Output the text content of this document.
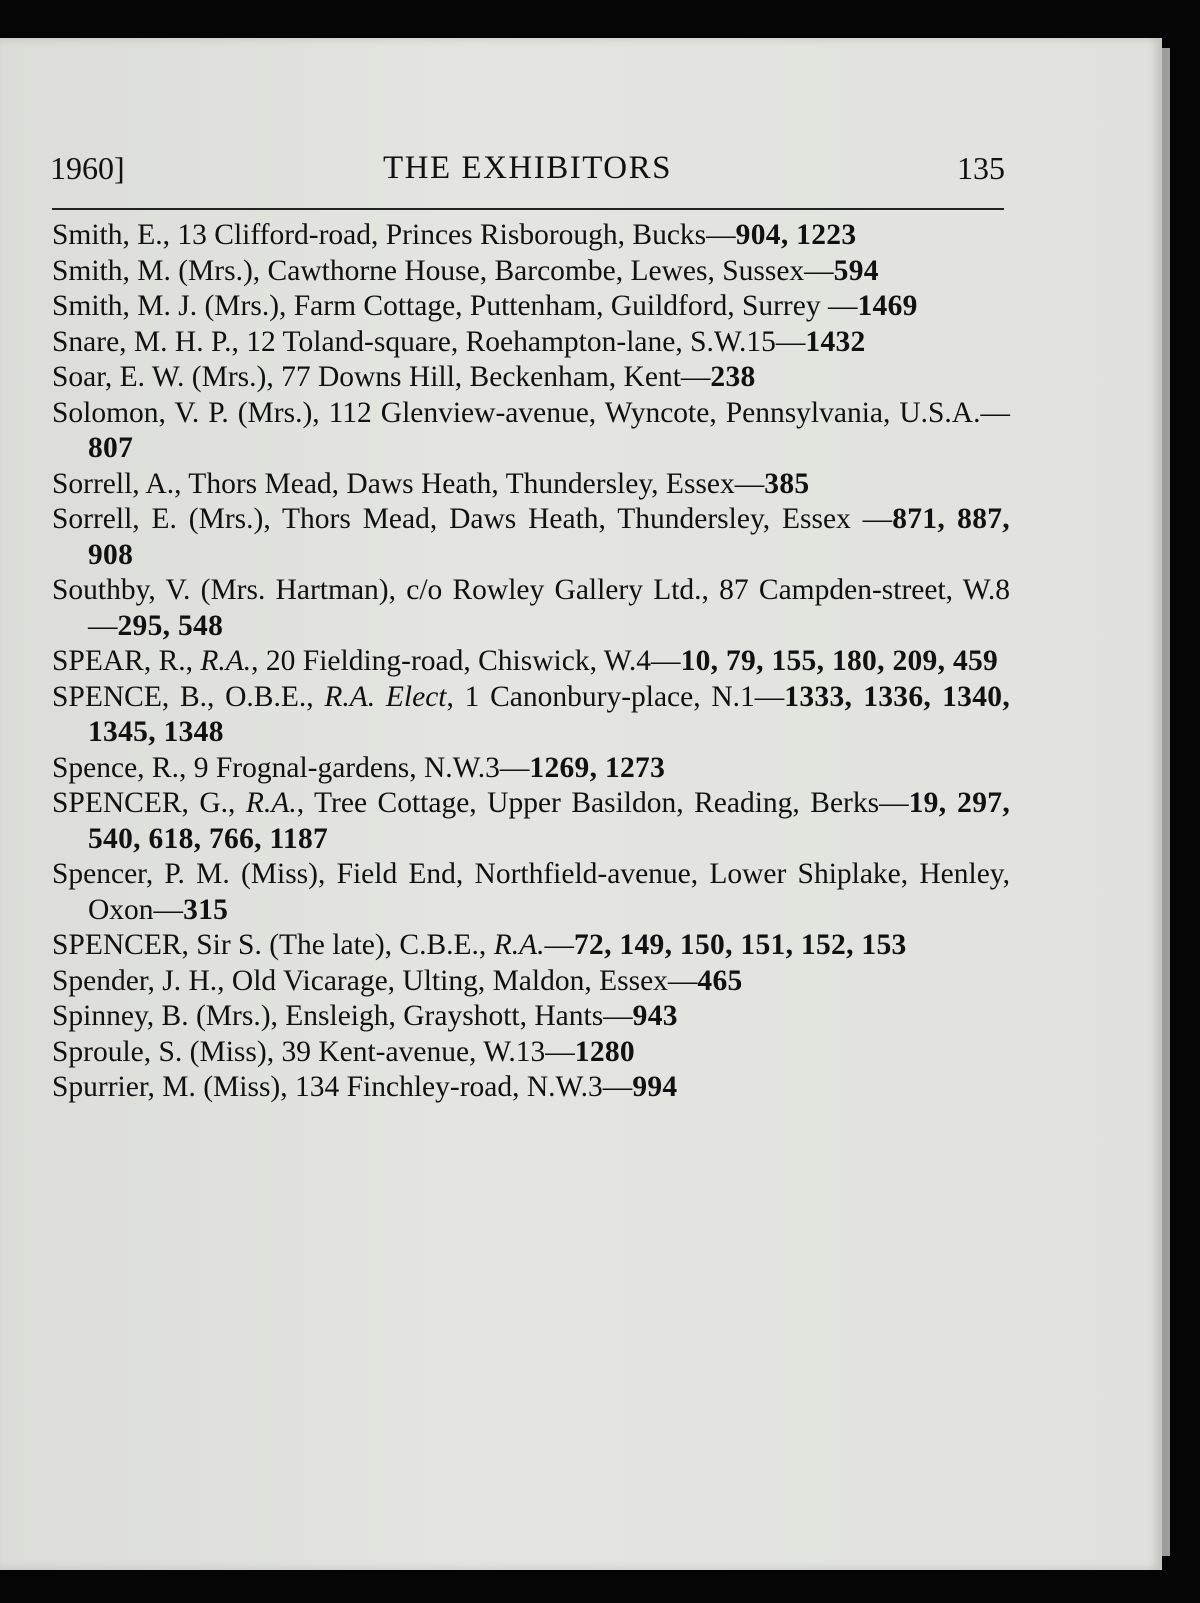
1960]	THE EXHIBITORS	135
Smith, E., 13 Clifford-road, Princes Risborough, Bucks—904, 1223
Smith, M. (Mrs.), Cawthorne House, Barcombe, Lewes, Sussex—594
Smith, M. J. (Mrs.), Farm Cottage, Puttenham, Guildford, Surrey —1469
Snare, M. H. P., 12 Toland-square, Roehampton-lane, S.W.15—1432
Soar, E. W. (Mrs.), 77 Downs Hill, Beckenham, Kent—238
Solomon, V. P. (Mrs.), 112 Glenview-avenue, Wyncote, Pennsylvania, U.S.A.—807
Sorrell, A., Thors Mead, Daws Heath, Thundersley, Essex—385
Sorrell, E. (Mrs.), Thors Mead, Daws Heath, Thundersley, Essex —871, 887, 908
Southby, V. (Mrs. Hartman), c/o Rowley Gallery Ltd., 87 Campden-street, W.8—295, 548
SPEAR, R., R.A., 20 Fielding-road, Chiswick, W.4—10, 79, 155, 180, 209, 459
SPENCE, B., O.B.E., R.A. Elect, 1 Canonbury-place, N.1—1333, 1336, 1340, 1345, 1348
Spence, R., 9 Frognal-gardens, N.W.3—1269, 1273
SPENCER, G., R.A., Tree Cottage, Upper Basildon, Reading, Berks—19, 297, 540, 618, 766, 1187
Spencer, P. M. (Miss), Field End, Northfield-avenue, Lower Shiplake, Henley, Oxon—315
SPENCER, Sir S. (The late), C.B.E., R.A.—72, 149, 150, 151, 152, 153
Spender, J. H., Old Vicarage, Ulting, Maldon, Essex—465
Spinney, B. (Mrs.), Ensleigh, Grayshott, Hants—943
Sproule, S. (Miss), 39 Kent-avenue, W.13—1280
Spurrier, M. (Miss), 134 Finchley-road, N.W.3—994
